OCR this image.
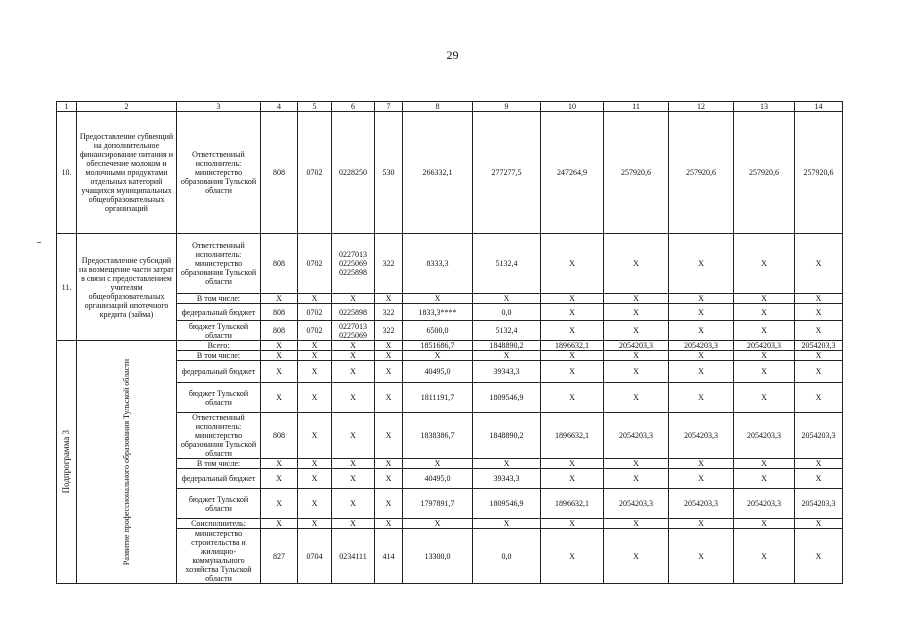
29
1	2	3	4	5	6	7	8	9	10	11	12	13	14
10.	Предоставление субвенций на дополнительное финансирование питания и обеспечение молоком и молочными продуктами отдельных категорий учащихся муниципальных общеобразовательных организаций	Ответственный исполнитель: министерство образования Тульской области	808	0702	0228250	530	266332,1	277277,5	247264,9	257920,6	257920,6	257920,6	257920,6
11.	Предоставление субсидий на возмещение части затрат в связи с предоставлением учителям общеобразовательных организаций ипотечного кредита (займа)	Ответственный исполнитель: министерство образования Тульской области	808	0702	0227013 0225069 0225898	322	8333,3	5132,4	X	X	X	X	X
		В том числе:	X	X	X	X	X	X	X	X	X	X	X
		федеральный бюджет	808	0702	0225898	322	1833,3****	0,0	X	X	X	X	X
		бюджет Тульской области	808	0702	0227013 0225069	322	6500,0	5132,4	X	X	X	X	X

Подпрограмма 3	Развитие профессионального образования Тульской области	Всего:	X	X	X	X	1851686,7	1848890,2	1896632,1	2054203,3	2054203,3	2054203,3	2054203,3
		В том числе:	X	X	X	X	X	X	X	X	X	X	X
		федеральный бюджет	X	X	X	X	40495,0	39343,3	X	X	X	X	X
		бюджет Тульской области	X	X	X	X	1811191,7	1809546,9	X	X	X	X	X
		Ответственный исполнитель: министерство образования Тульской области	808	X	X	X	1838386,7	1848890,2	1896632,1	2054203,3	2054203,3	2054203,3	2054203,3
		В том числе:	X	X	X	X	X	X	X	X	X	X	X
		федеральный бюджет	X	X	X	X	40495,0	39343,3	X	X	X	X	X
		бюджет Тульской области	X	X	X	X	1797891,7	1809546,9	1896632,1	2054203,3	2054203,3	2054203,3	2054203,3
		Соисполнитель:	X	X	X	X	X	X	X	X	X	X	X
		министерство строительства и жилищно-коммунального хозяйства Тульской области	827	0704	0234111	414	13300,0	0,0	X	X	X	X	X
